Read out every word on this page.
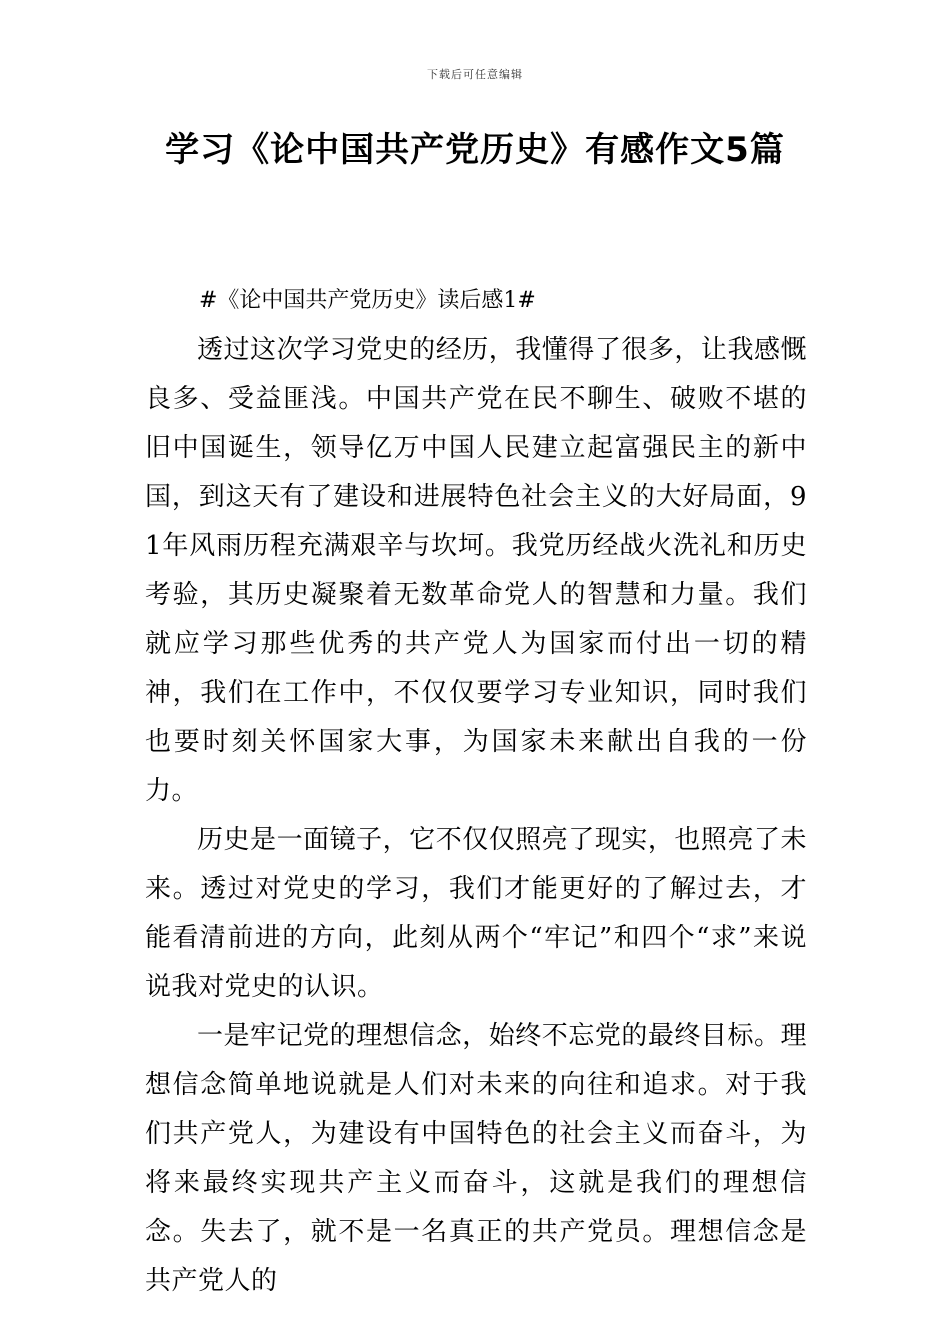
下载后可任意编辑
学习《论中国共产党历史》有感作文5篇

#《论中国共产党历史》读后感1#

透过这次学习党史的经历，我懂得了很多，让我感慨良多、受益匪浅。中国共产党在民不聊生、破败不堪的旧中国诞生，领导亿万中国人民建立起富强民主的新中国，到这天有了建设和进展特色社会主义的大好局面，91年风雨历程充满艰辛与坎坷。我党历经战火洗礼和历史考验，其历史凝聚着无数革命党人的智慧和力量。我们就应学习那些优秀的共产党人为国家而付出一切的精神，我们在工作中，不仅仅要学习专业知识，同时我们也要时刻关怀国家大事，为国家未来献出自我的一份力。

历史是一面镜子，它不仅仅照亮了现实，也照亮了未来。透过对党史的学习，我们才能更好的了解过去，才能看清前进的方向，此刻从两个“牢记”和四个“求”来说说我对党史的认识。

一是牢记党的理想信念，始终不忘党的最终目标。理想信念简单地说就是人们对未来的向往和追求。对于我们共产党人，为建设有中国特色的社会主义而奋斗，为将来最终实现共产主义而奋斗，这就是我们的理想信念。失去了，就不是一名真正的共产党员。理想信念是共产党人的
